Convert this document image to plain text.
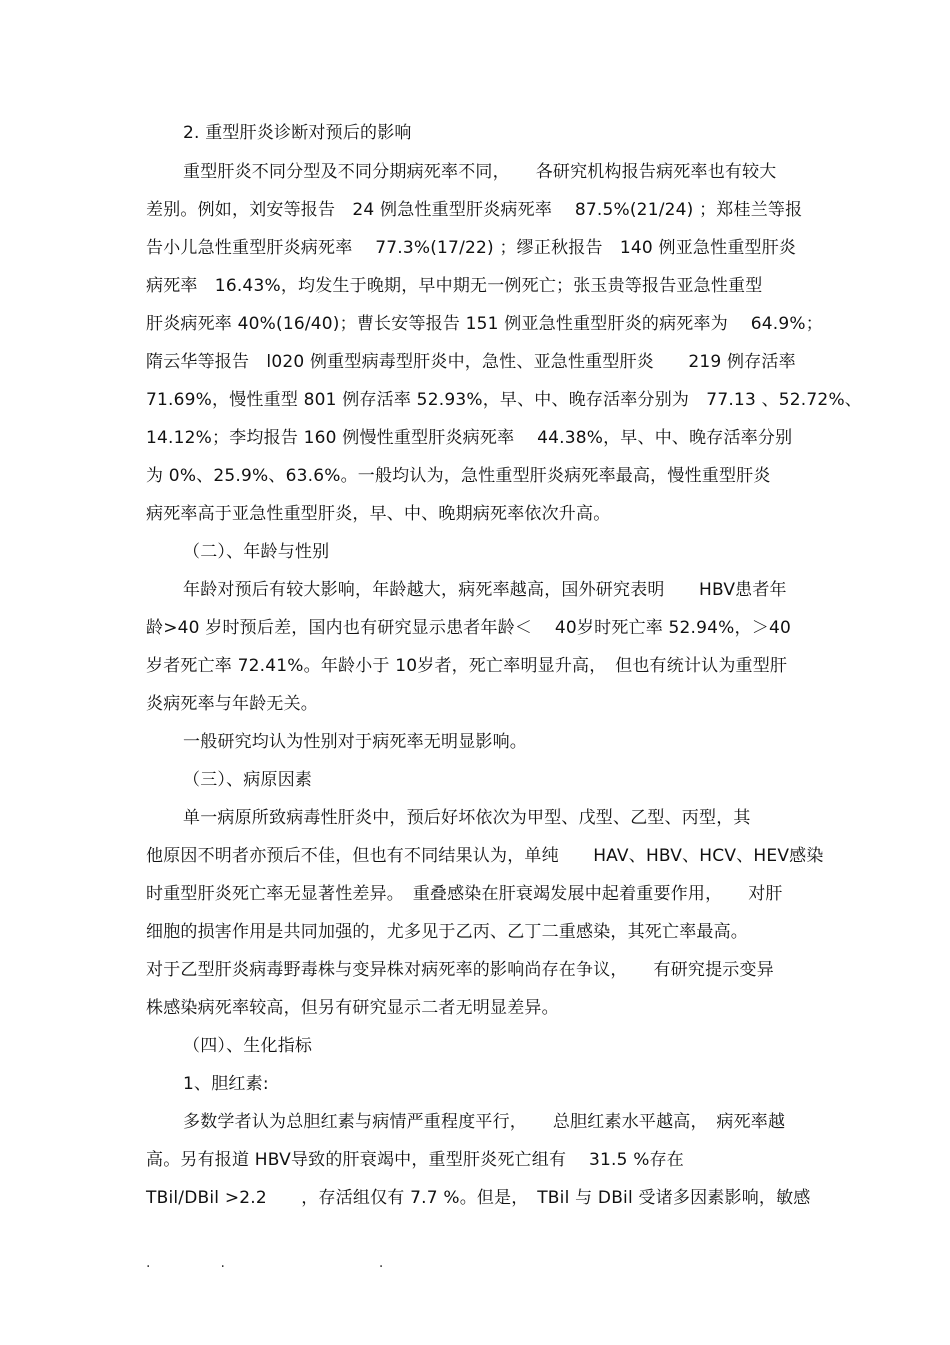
2. 重型肝炎诊断对预后的影响
重型肝炎不同分型及不同分期病死率不同，　　各研究机构报告病死率也有较大
差别。例如，刘安等报告　24 例急性重型肝炎病死率　 87.5%(21/24) ；郑桂兰等报
告小儿急性重型肝炎病死率　 77.3%(17/22) ；缪正秋报告　140 例亚急性重型肝炎
病死率　16.43%，均发生于晚期，早中期无一例死亡；张玉贵等报告亚急性重型
肝炎病死率 40%(16/40)；曹长安等报告 151 例亚急性重型肝炎的病死率为　 64.9%；
隋云华等报告　l020 例重型病毒型肝炎中，急性、亚急性重型肝炎　　219 例存活率
71.69%，慢性重型 801 例存活率 52.93%，早、中、晚存活率分别为　77.13 、52.72%、
14.12%；李均报告 160 例慢性重型肝炎病死率　 44.38%，早、中、晚存活率分别
为 0%、25.9%、63.6%。一般均认为，急性重型肝炎病死率最高，慢性重型肝炎
病死率高于亚急性重型肝炎，早、中、晚期病死率依次升高。
（二）、年龄与性别
年龄对预后有较大影响，年龄越大，病死率越高，国外研究表明　　HBV患者年
龄>40 岁时预后差，国内也有研究显示患者年龄＜　 40岁时死亡率 52.94%，＞40
岁者死亡率 72.41%。年龄小于 10岁者，死亡率明显升高，　但也有统计认为重型肝
炎病死率与年龄无关。
一般研究均认为性别对于病死率无明显影响。
（三）、病原因素
单一病原所致病毒性肝炎中，预后好坏依次为甲型、戊型、乙型、丙型，其
他原因不明者亦预后不佳，但也有不同结果认为，单纯　　HAV、HBV、HCV、HEV感染
时重型肝炎死亡率无显著性差异。　重叠感染在肝衰竭发展中起着重要作用，　　对肝
细胞的损害作用是共同加强的，尤多见于乙丙、乙丁二重感染，其死亡率最高。
对于乙型肝炎病毒野毒株与变异株对病死率的影响尚存在争议，　　有研究提示变异
株感染病死率较高，但另有研究显示二者无明显差异。
（四）、生化指标
1、胆红素:
多数学者认为总胆红素与病情严重程度平行，　　总胆红素水平越高，　病死率越
高。另有报道 HBV导致的肝衰竭中，重型肝炎死亡组有　 31.5 %存在
TBil/DBil >2.2　　，存活组仅有 7.7 %。但是，　TBil 与 DBil 受诸多因素影响，敏感
.　　　　　.　　　　　　　　　　　.
